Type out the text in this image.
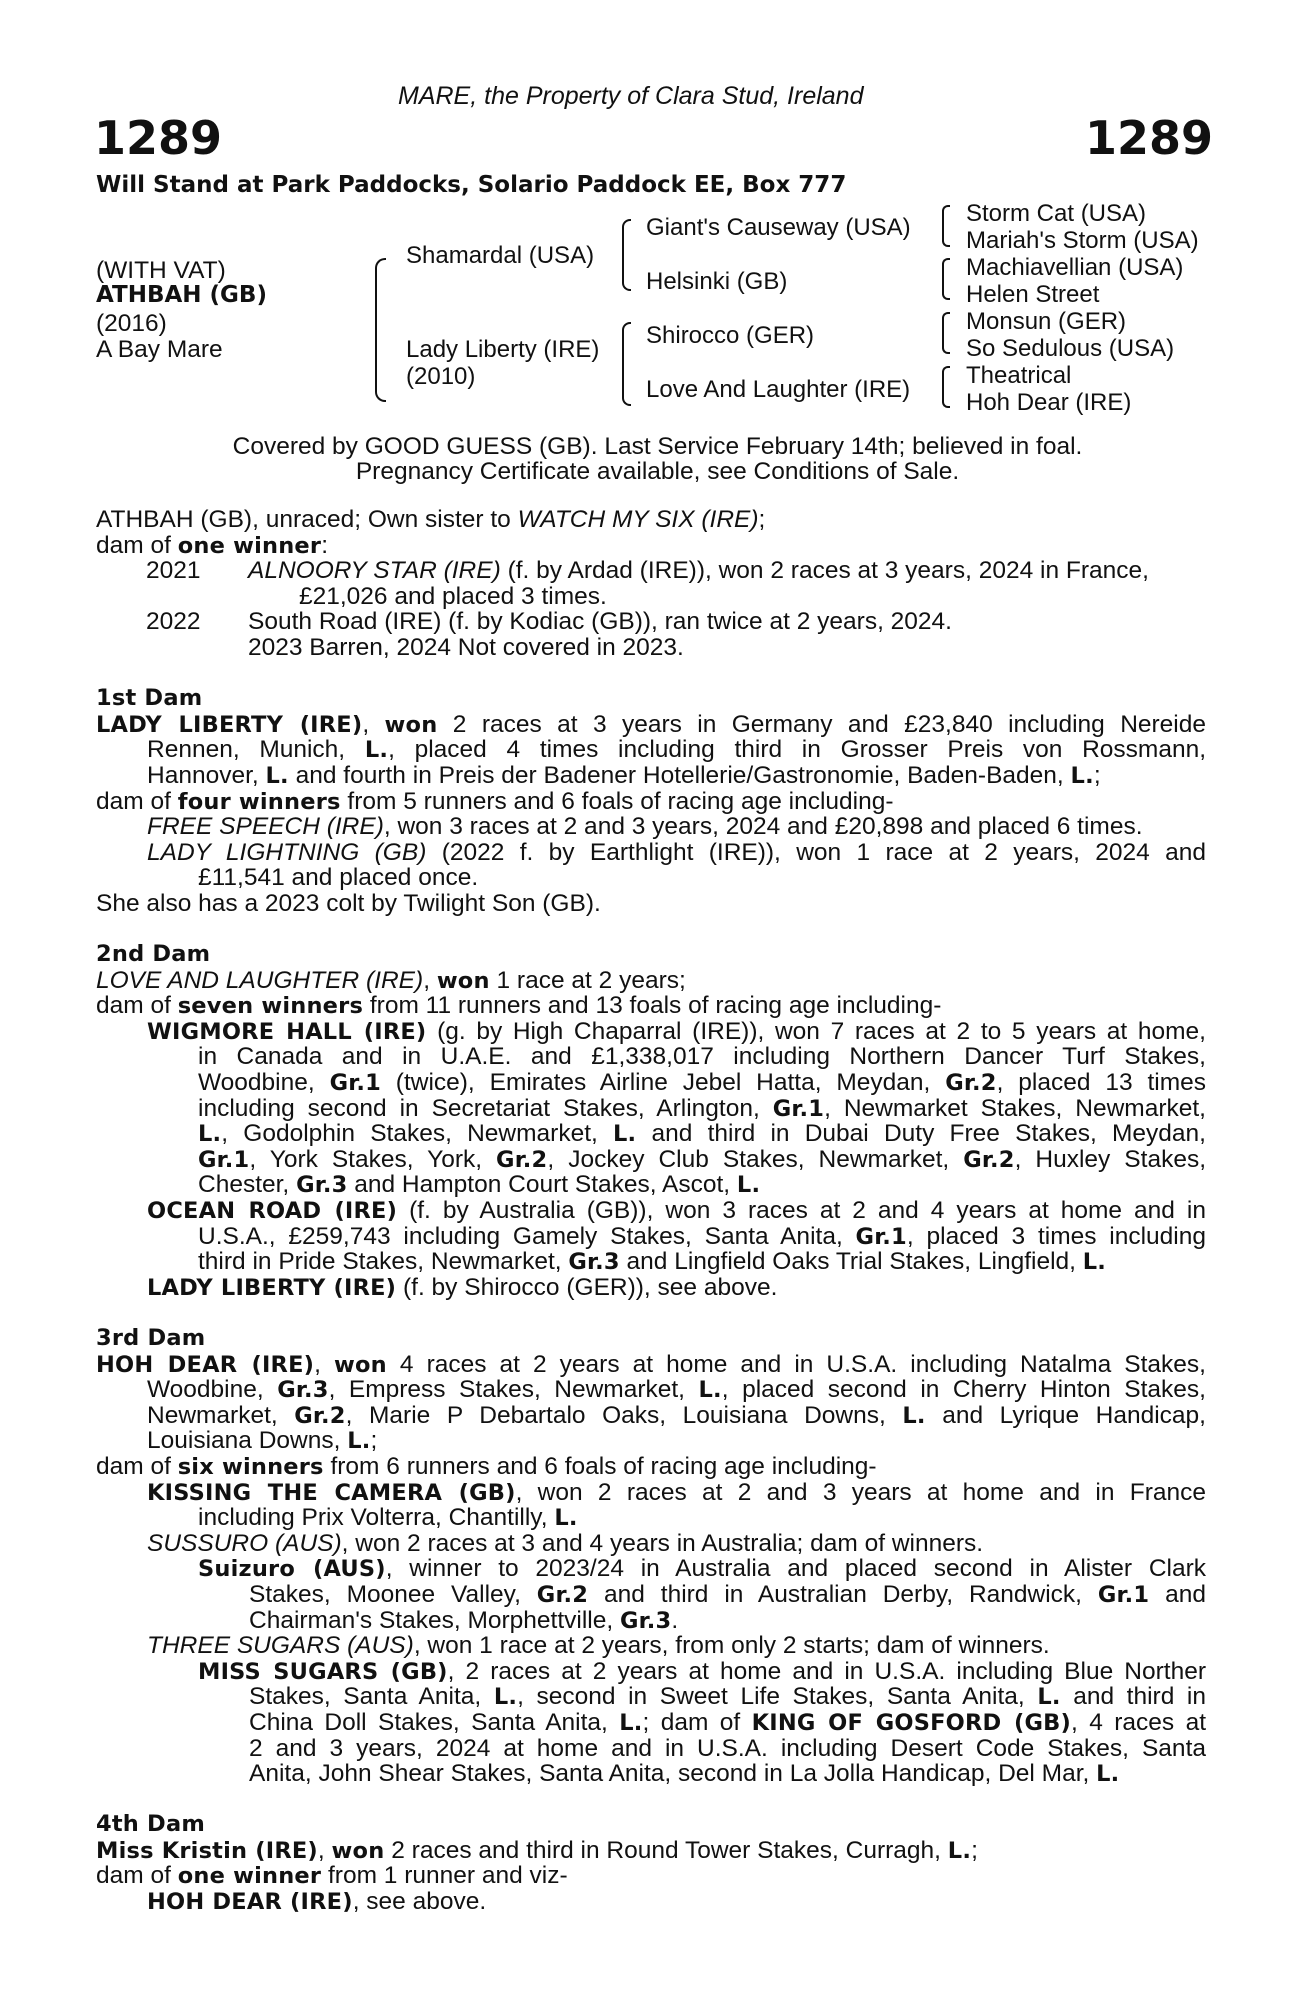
MARE, the Property of Clara Stud, Ireland
1289	1289
Will Stand at Park Paddocks, Solario Paddock EE, Box 777
(WITH VAT)
ATHBAH (GB)
(2016)
A Bay Mare
Shamardal (USA)
Lady Liberty (IRE)
(2010)
Giant's Causeway (USA)
Helsinki (GB)
Shirocco (GER)
Love And Laughter (IRE)
Storm Cat (USA)
Mariah's Storm (USA)
Machiavellian (USA)
Helen Street
Monsun (GER)
So Sedulous (USA)
Theatrical
Hoh Dear (IRE)
Covered by GOOD GUESS (GB). Last Service February 14th; believed in foal.
Pregnancy Certificate available, see Conditions of Sale.
ATHBAH (GB), unraced; Own sister to WATCH MY SIX (IRE);
dam of one winner:
2021 ALNOORY STAR (IRE) (f. by Ardad (IRE)), won 2 races at 3 years, 2024 in France,
£21,026 and placed 3 times.
2022 South Road (IRE) (f. by Kodiac (GB)), ran twice at 2 years, 2024.
2023 Barren, 2024 Not covered in 2023.
1st Dam
LADY LIBERTY (IRE), won 2 races at 3 years in Germany and £23,840 including Nereide
Rennen, Munich, L., placed 4 times including third in Grosser Preis von Rossmann,
Hannover, L. and fourth in Preis der Badener Hotellerie/Gastronomie, Baden-Baden, L.;
dam of four winners from 5 runners and 6 foals of racing age including-
FREE SPEECH (IRE), won 3 races at 2 and 3 years, 2024 and £20,898 and placed 6 times.
LADY LIGHTNING (GB) (2022 f. by Earthlight (IRE)), won 1 race at 2 years, 2024 and
£11,541 and placed once.
She also has a 2023 colt by Twilight Son (GB).
2nd Dam
LOVE AND LAUGHTER (IRE), won 1 race at 2 years;
dam of seven winners from 11 runners and 13 foals of racing age including-
WIGMORE HALL (IRE) (g. by High Chaparral (IRE)), won 7 races at 2 to 5 years at home,
in Canada and in U.A.E. and £1,338,017 including Northern Dancer Turf Stakes,
Woodbine, Gr.1 (twice), Emirates Airline Jebel Hatta, Meydan, Gr.2, placed 13 times
including second in Secretariat Stakes, Arlington, Gr.1, Newmarket Stakes, Newmarket,
L., Godolphin Stakes, Newmarket, L. and third in Dubai Duty Free Stakes, Meydan,
Gr.1, York Stakes, York, Gr.2, Jockey Club Stakes, Newmarket, Gr.2, Huxley Stakes,
Chester, Gr.3 and Hampton Court Stakes, Ascot, L.
OCEAN ROAD (IRE) (f. by Australia (GB)), won 3 races at 2 and 4 years at home and in
U.S.A., £259,743 including Gamely Stakes, Santa Anita, Gr.1, placed 3 times including
third in Pride Stakes, Newmarket, Gr.3 and Lingfield Oaks Trial Stakes, Lingfield, L.
LADY LIBERTY (IRE) (f. by Shirocco (GER)), see above.
3rd Dam
HOH DEAR (IRE), won 4 races at 2 years at home and in U.S.A. including Natalma Stakes,
Woodbine, Gr.3, Empress Stakes, Newmarket, L., placed second in Cherry Hinton Stakes,
Newmarket, Gr.2, Marie P Debartalo Oaks, Louisiana Downs, L. and Lyrique Handicap,
Louisiana Downs, L.;
dam of six winners from 6 runners and 6 foals of racing age including-
KISSING THE CAMERA (GB), won 2 races at 2 and 3 years at home and in France
including Prix Volterra, Chantilly, L.
SUSSURO (AUS), won 2 races at 3 and 4 years in Australia; dam of winners.
Suizuro (AUS), winner to 2023/24 in Australia and placed second in Alister Clark
Stakes, Moonee Valley, Gr.2 and third in Australian Derby, Randwick, Gr.1 and
Chairman's Stakes, Morphettville, Gr.3.
THREE SUGARS (AUS), won 1 race at 2 years, from only 2 starts; dam of winners.
MISS SUGARS (GB), 2 races at 2 years at home and in U.S.A. including Blue Norther
Stakes, Santa Anita, L., second in Sweet Life Stakes, Santa Anita, L. and third in
China Doll Stakes, Santa Anita, L.; dam of KING OF GOSFORD (GB), 4 races at
2 and 3 years, 2024 at home and in U.S.A. including Desert Code Stakes, Santa
Anita, John Shear Stakes, Santa Anita, second in La Jolla Handicap, Del Mar, L.
4th Dam
Miss Kristin (IRE), won 2 races and third in Round Tower Stakes, Curragh, L.;
dam of one winner from 1 runner and viz-
HOH DEAR (IRE), see above.
